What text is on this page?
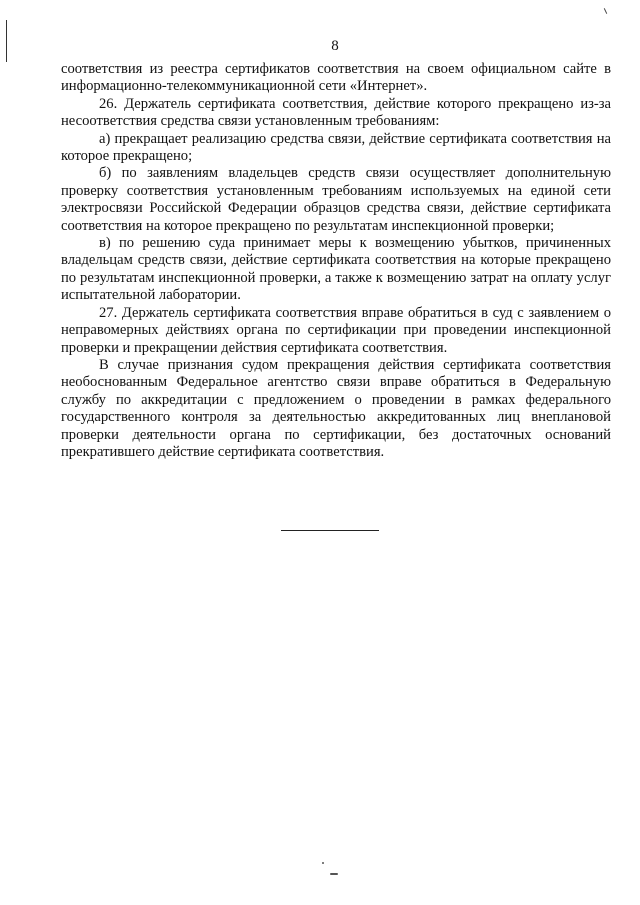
8

соответствия из реестра сертификатов соответствия на своем официальном сайте в информационно-телекоммуникационной сети «Интернет».

26. Держатель сертификата соответствия, действие которого прекращено из-за несоответствия средства связи установленным требованиям:

а) прекращает реализацию средства связи, действие сертификата соответствия на которое прекращено;

б) по заявлениям владельцев средств связи осуществляет дополнительную проверку соответствия установленным требованиям используемых на единой сети электросвязи Российской Федерации образцов средства связи, действие сертификата соответствия на которое прекращено по результатам инспекционной проверки;

в) по решению суда принимает меры к возмещению убытков, причиненных владельцам средств связи, действие сертификата соответствия на которые прекращено по результатам инспекционной проверки, а также к возмещению затрат на оплату услуг испытательной лаборатории.

27. Держатель сертификата соответствия вправе обратиться в суд с заявлением о неправомерных действиях органа по сертификации при проведении инспекционной проверки и прекращении действия сертификата соответствия.

В случае признания судом прекращения действия сертификата соответствия необоснованным Федеральное агентство связи вправе обратиться в Федеральную службу по аккредитации с предложением о проведении в рамках федерального государственного контроля за деятельностью аккредитованных лиц внеплановой проверки деятельности органа по сертификации, без достаточных оснований прекратившего действие сертификата соответствия.
